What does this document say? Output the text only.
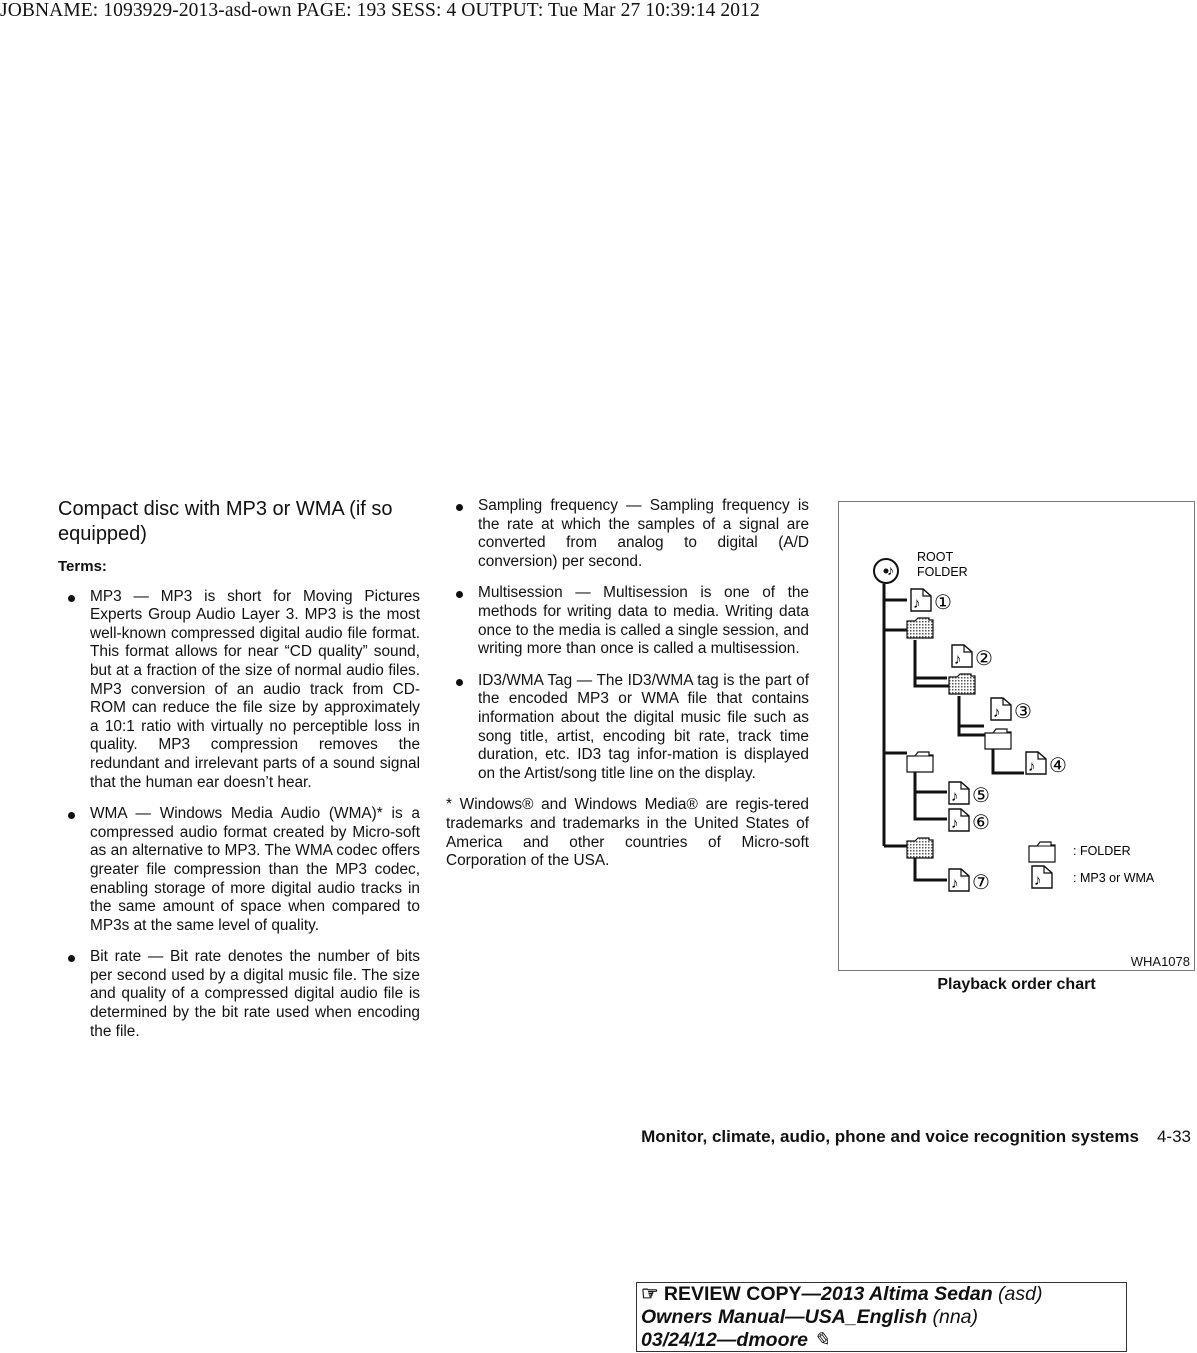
JOBNAME: 1093929-2013-asd-own PAGE: 193 SESS: 4 OUTPUT: Tue Mar 27 10:39:14 2012
Compact disc with MP3 or WMA (if so equipped)
Terms:
MP3 — MP3 is short for Moving Pictures Experts Group Audio Layer 3. MP3 is the most well-known compressed digital audio file format. This format allows for near “CD quality” sound, but at a fraction of the size of normal audio files. MP3 conversion of an audio track from CD-ROM can reduce the file size by approximately a 10:1 ratio with virtually no perceptible loss in quality. MP3 compression removes the redundant and irrelevant parts of a sound signal that the human ear doesn’t hear.
WMA — Windows Media Audio (WMA)* is a compressed audio format created by Micro-soft as an alternative to MP3. The WMA codec offers greater file compression than the MP3 codec, enabling storage of more digital audio tracks in the same amount of space when compared to MP3s at the same level of quality.
Bit rate — Bit rate denotes the number of bits per second used by a digital music file. The size and quality of a compressed digital audio file is determined by the bit rate used when encoding the file.
Sampling frequency — Sampling frequency is the rate at which the samples of a signal are converted from analog to digital (A/D conversion) per second.
Multisession — Multisession is one of the methods for writing data to media. Writing data once to the media is called a single session, and writing more than once is called a multisession.
ID3/WMA Tag — The ID3/WMA tag is the part of the encoded MP3 or WMA file that contains information about the digital music file such as song title, artist, encoding bit rate, track time duration, etc. ID3 tag infor-mation is displayed on the Artist/song title line on the display.

* Windows® and Windows Media® are regis-tered trademarks and trademarks in the United States of America and other countries of Micro-soft Corporation of the USA.

♪
♪
ROOT
FOLDER
①
②
③
④
⑤
⑥
⑦
: FOLDER
: MP3 or WMA
WHA1078
Playback order chart
Monitor, climate, audio, phone and voice recognition systems 4-33
☞ REVIEW COPY—2013 Altima Sedan (asd)
Owners Manual—USA_English (nna)
03/24/12—dmoore ✎
